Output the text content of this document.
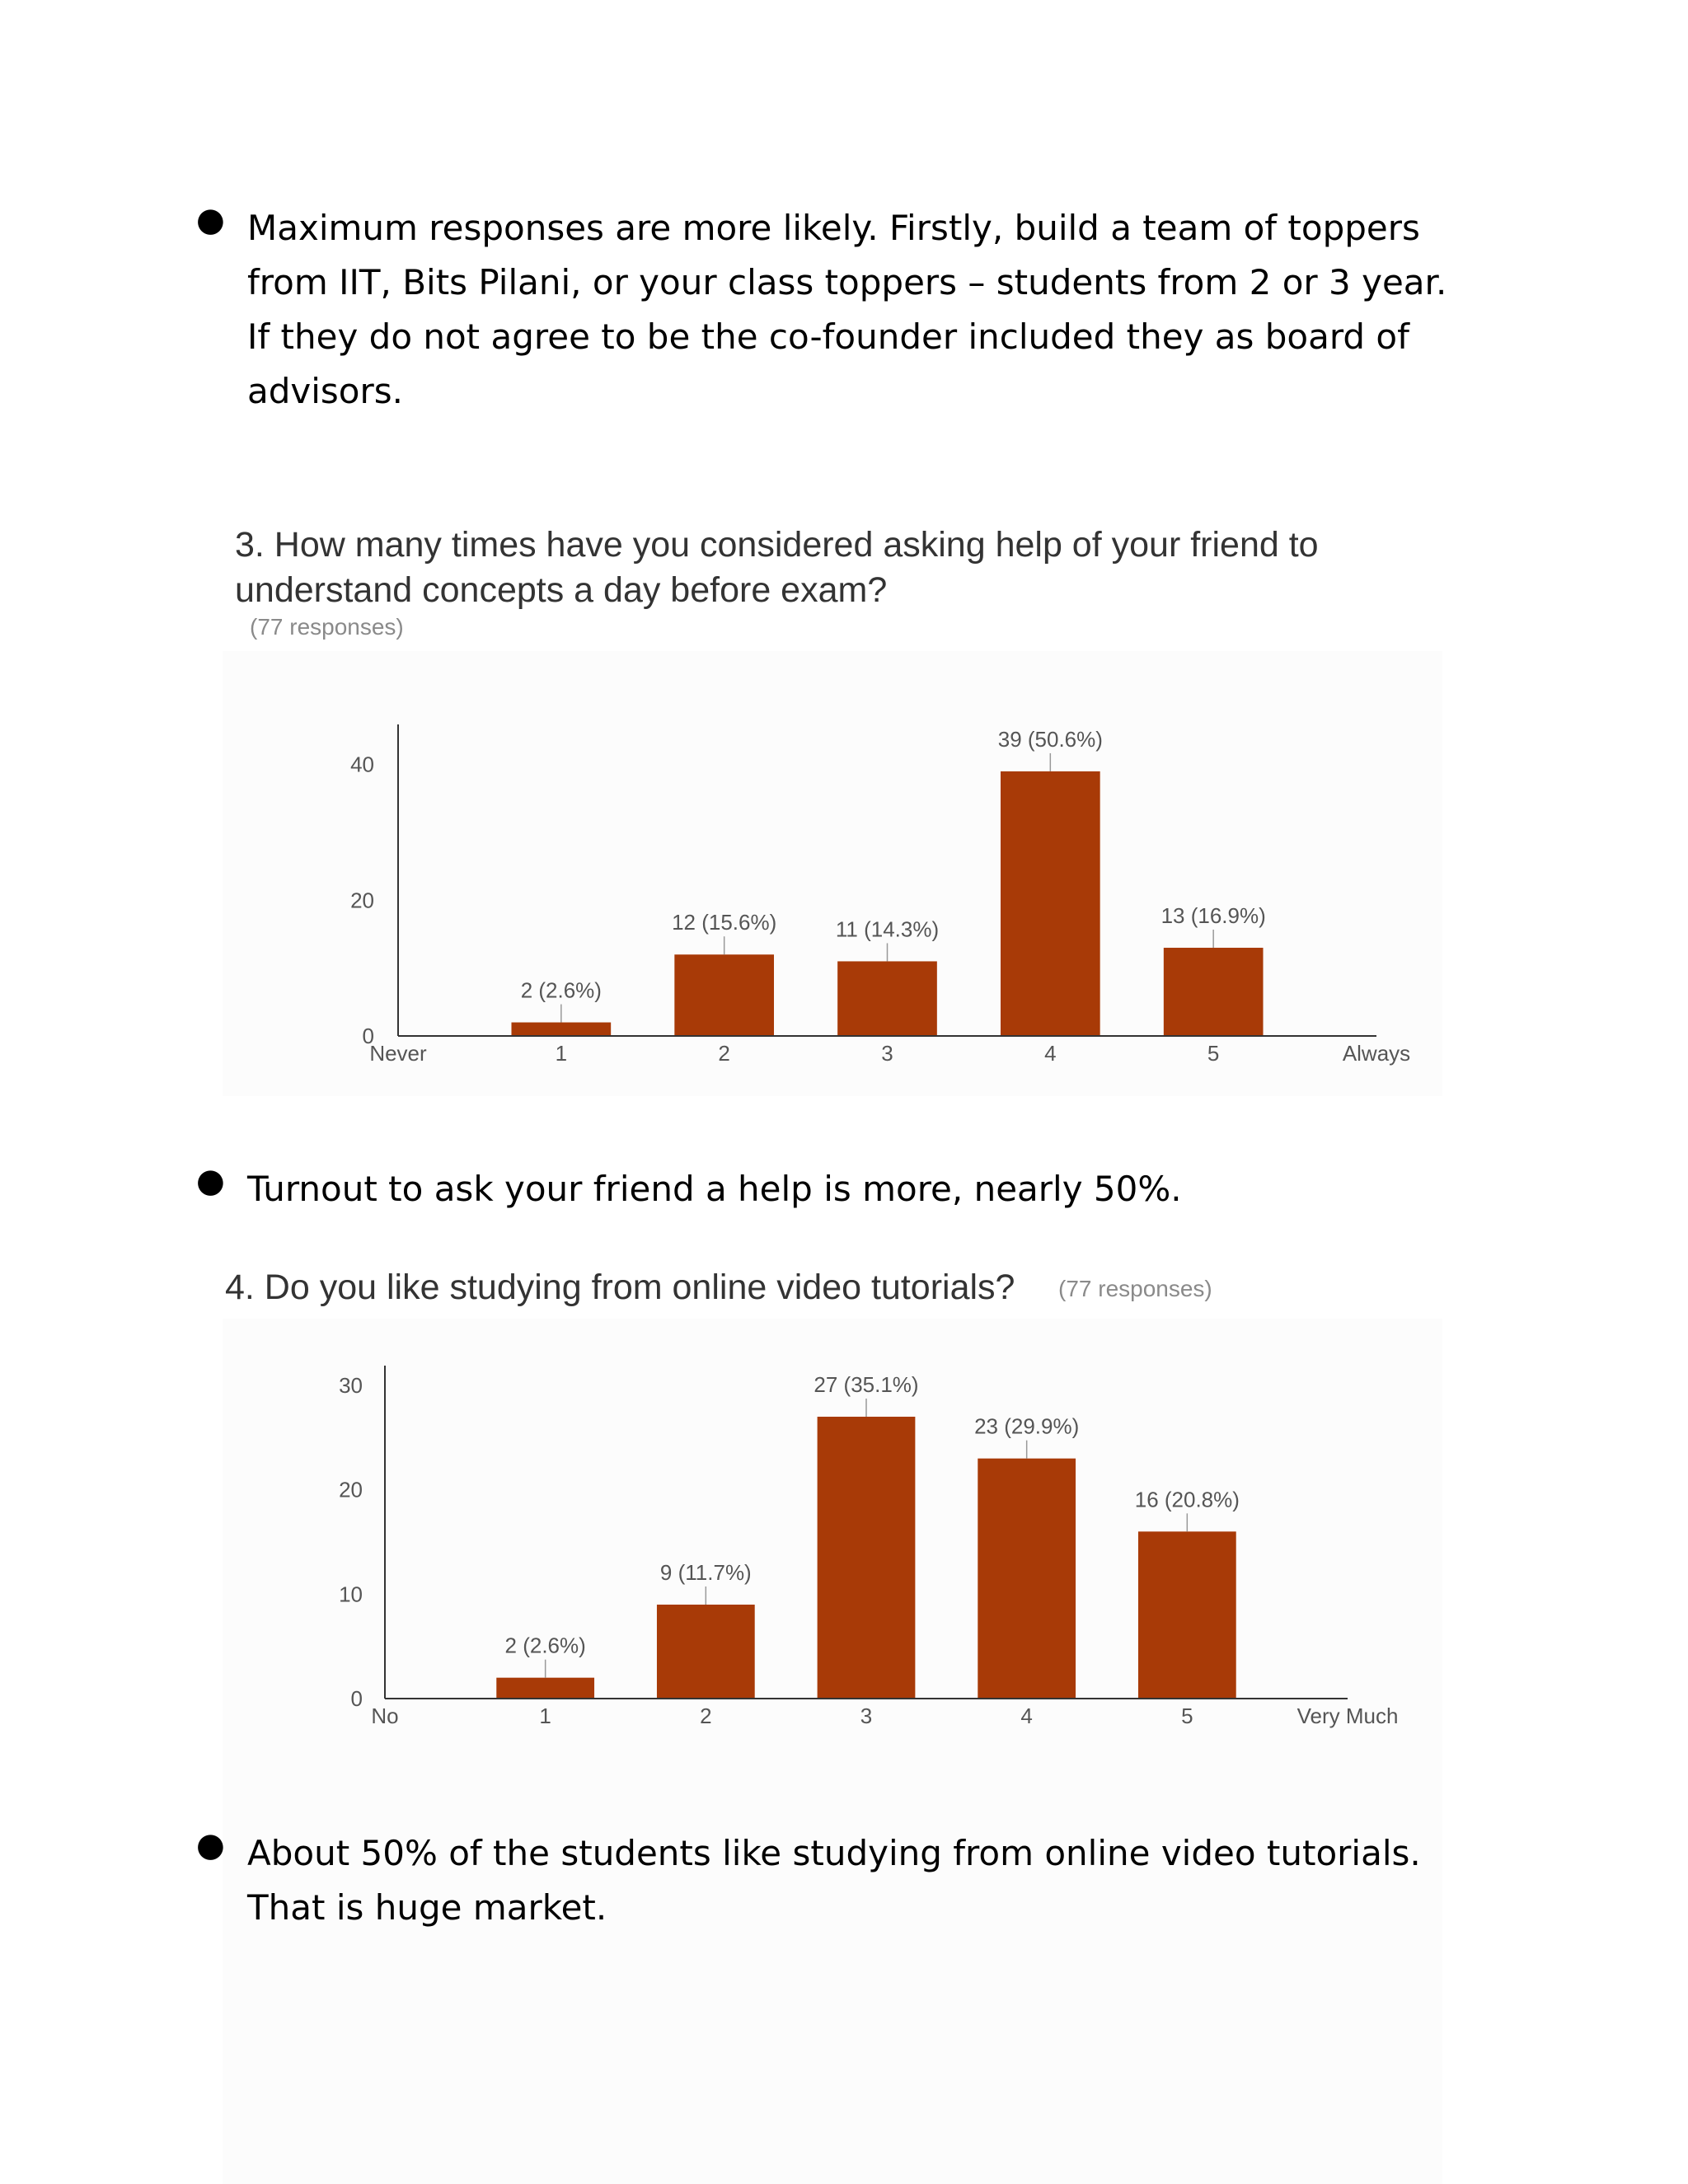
● Maximum responses are more likely. Firstly, build a team of toppers
from IIT, Bits Pilani, or your class toppers – students from 2 or 3 year.
If they do not agree to be the co-founder included they as board of
advisors.

3. How many times have you considered asking help of your friend to
understand concepts a day before exam?
(77 responses)
0
20
40
2 (2.6%)
1
12 (15.6%)
2
11 (14.3%)
3
39 (50.6%)
4
13 (16.9%)
5
Never	Always
● Turnout to ask your friend a help is more, nearly 50%.

4. Do you like studying from online video tutorials? (77 responses)
0
10
20
30
2 (2.6%)
1
9 (11.7%)
2
27 (35.1%)
3
23 (29.9%)
4
16 (20.8%)
5
No	Very Much
● About 50% of the students like studying from online video tutorials.
That is huge market.
